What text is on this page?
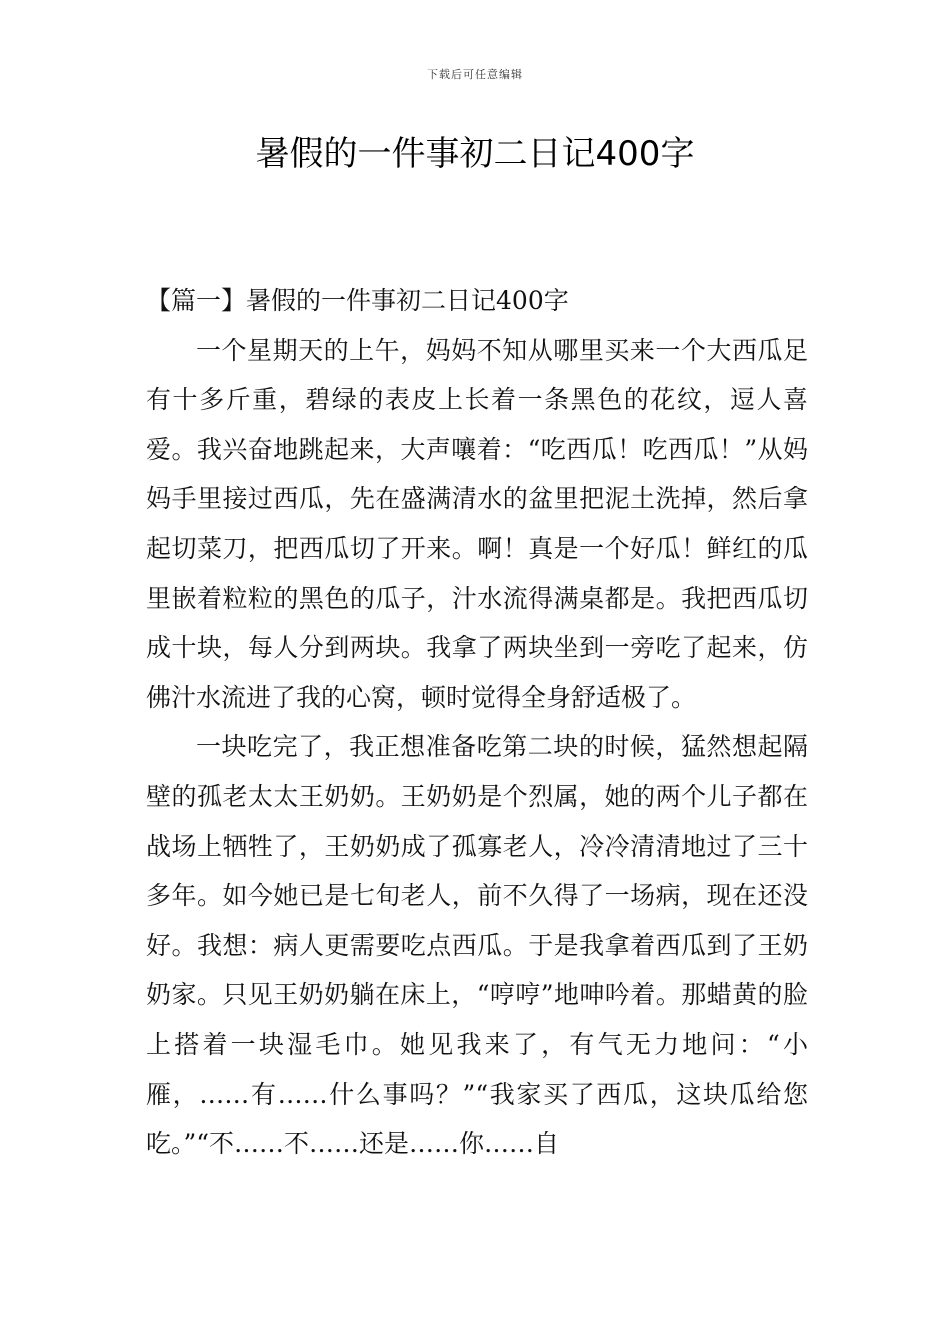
下载后可任意编辑
暑假的一件事初二日记400字

【篇一】暑假的一件事初二日记400字

一个星期天的上午，妈妈不知从哪里买来一个大西瓜足有十多斤重，碧绿的表皮上长着一条黑色的花纹，逗人喜爱。我兴奋地跳起来，大声嚷着：“吃西瓜！吃西瓜！”从妈妈手里接过西瓜，先在盛满清水的盆里把泥土洗掉，然后拿起切菜刀，把西瓜切了开来。啊！真是一个好瓜！鲜红的瓜里嵌着粒粒的黑色的瓜子，汁水流得满桌都是。我把西瓜切成十块，每人分到两块。我拿了两块坐到一旁吃了起来，仿佛汁水流进了我的心窝，顿时觉得全身舒适极了。

一块吃完了，我正想准备吃第二块的时候，猛然想起隔壁的孤老太太王奶奶。王奶奶是个烈属，她的两个儿子都在战场上牺牲了，王奶奶成了孤寡老人，冷冷清清地过了三十多年。如今她已是七旬老人，前不久得了一场病，现在还没好。我想：病人更需要吃点西瓜。于是我拿着西瓜到了王奶奶家。只见王奶奶躺在床上，“哼哼”地呻吟着。那蜡黄的脸上搭着一块湿毛巾。她见我来了，有气无力地问：“小雁，……有……什么事吗？”“我家买了西瓜，这块瓜给您吃。”“不……不……还是……你……自
